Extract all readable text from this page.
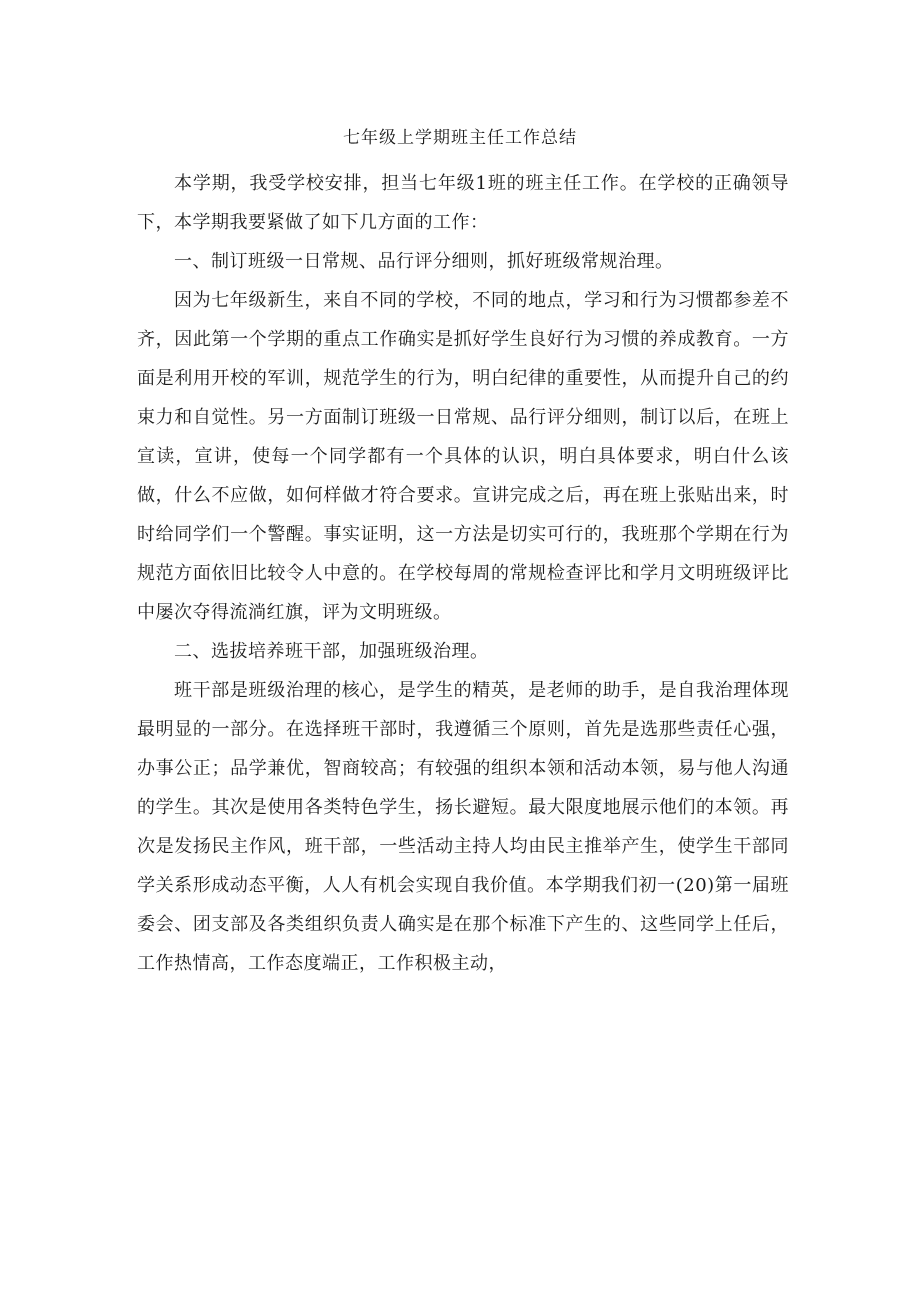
七年级上学期班主任工作总结

本学期，我受学校安排，担当七年级1班的班主任工作。在学校的正确领导下，本学期我要紧做了如下几方面的工作：

一、制订班级一日常规、品行评分细则，抓好班级常规治理。

因为七年级新生，来自不同的学校，不同的地点，学习和行为习惯都参差不齐，因此第一个学期的重点工作确实是抓好学生良好行为习惯的养成教育。一方面是利用开校的军训，规范学生的行为，明白纪律的重要性，从而提升自己的约束力和自觉性。另一方面制订班级一日常规、品行评分细则，制订以后，在班上宣读，宣讲，使每一个同学都有一个具体的认识，明白具体要求，明白什么该做，什么不应做，如何样做才符合要求。宣讲完成之后，再在班上张贴出来，时时给同学们一个警醒。事实证明，这一方法是切实可行的，我班那个学期在行为规范方面依旧比较令人中意的。在学校每周的常规检查评比和学月文明班级评比中屡次夺得流淌红旗，评为文明班级。

二、选拔培养班干部，加强班级治理。

班干部是班级治理的核心，是学生的精英，是老师的助手，是自我治理体现最明显的一部分。在选择班干部时，我遵循三个原则，首先是选那些责任心强，办事公正；品学兼优，智商较高；有较强的组织本领和活动本领，易与他人沟通的学生。其次是使用各类特色学生，扬长避短。最大限度地展示他们的本领。再次是发扬民主作风，班干部，一些活动主持人均由民主推举产生，使学生干部同学关系形成动态平衡，人人有机会实现自我价值。本学期我们初一(20)第一届班委会、团支部及各类组织负责人确实是在那个标准下产生的、这些同学上任后，工作热情高，工作态度端正，工作积极主动，
